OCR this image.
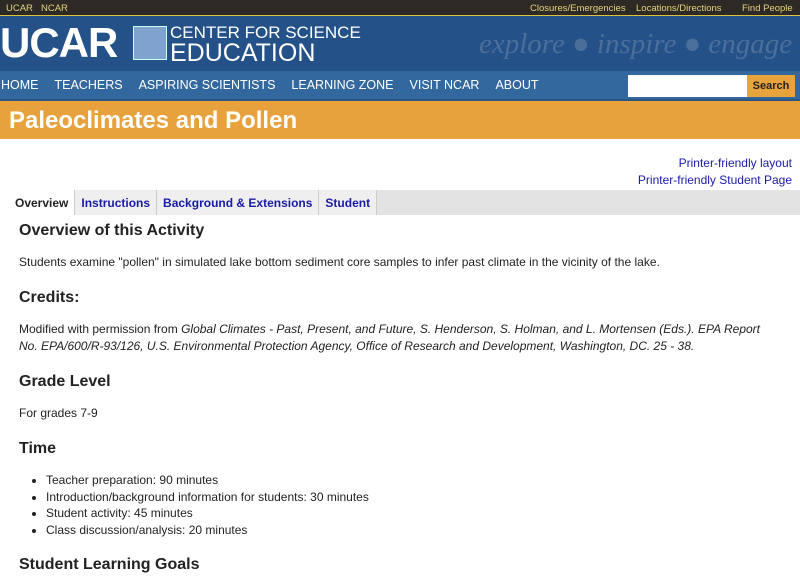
UCAR NCAR	Closures/Emergencies Locations/Directions Find People
UCAR	CENTER FOR SCIENCE
EDUCATION	explore ● inspire ● engage
HOME TEACHERS ASPIRING SCIENTISTS LEARNING ZONE VISIT NCAR ABOUT	Search
Paleoclimates and Pollen
Printer-friendly layout
Printer-friendly Student Page
Overview	Instructions	Background & Extensions	Student
Overview of this Activity

Students examine "pollen" in simulated lake bottom sediment core samples to infer past climate in the vicinity of the lake.

Credits:

Modified with permission from Global Climates - Past, Present, and Future, S. Henderson, S. Holman, and L. Mortensen (Eds.). EPA Report No. EPA/600/R-93/126, U.S. Environmental Protection Agency, Office of Research and Development, Washington, DC. 25 - 38.

Grade Level

For grades 7-9

Time
• Teacher preparation: 90 minutes
• Introduction/background information for students: 30 minutes
• Student activity: 45 minutes
• Class discussion/analysis: 20 minutes
Student Learning Goals
